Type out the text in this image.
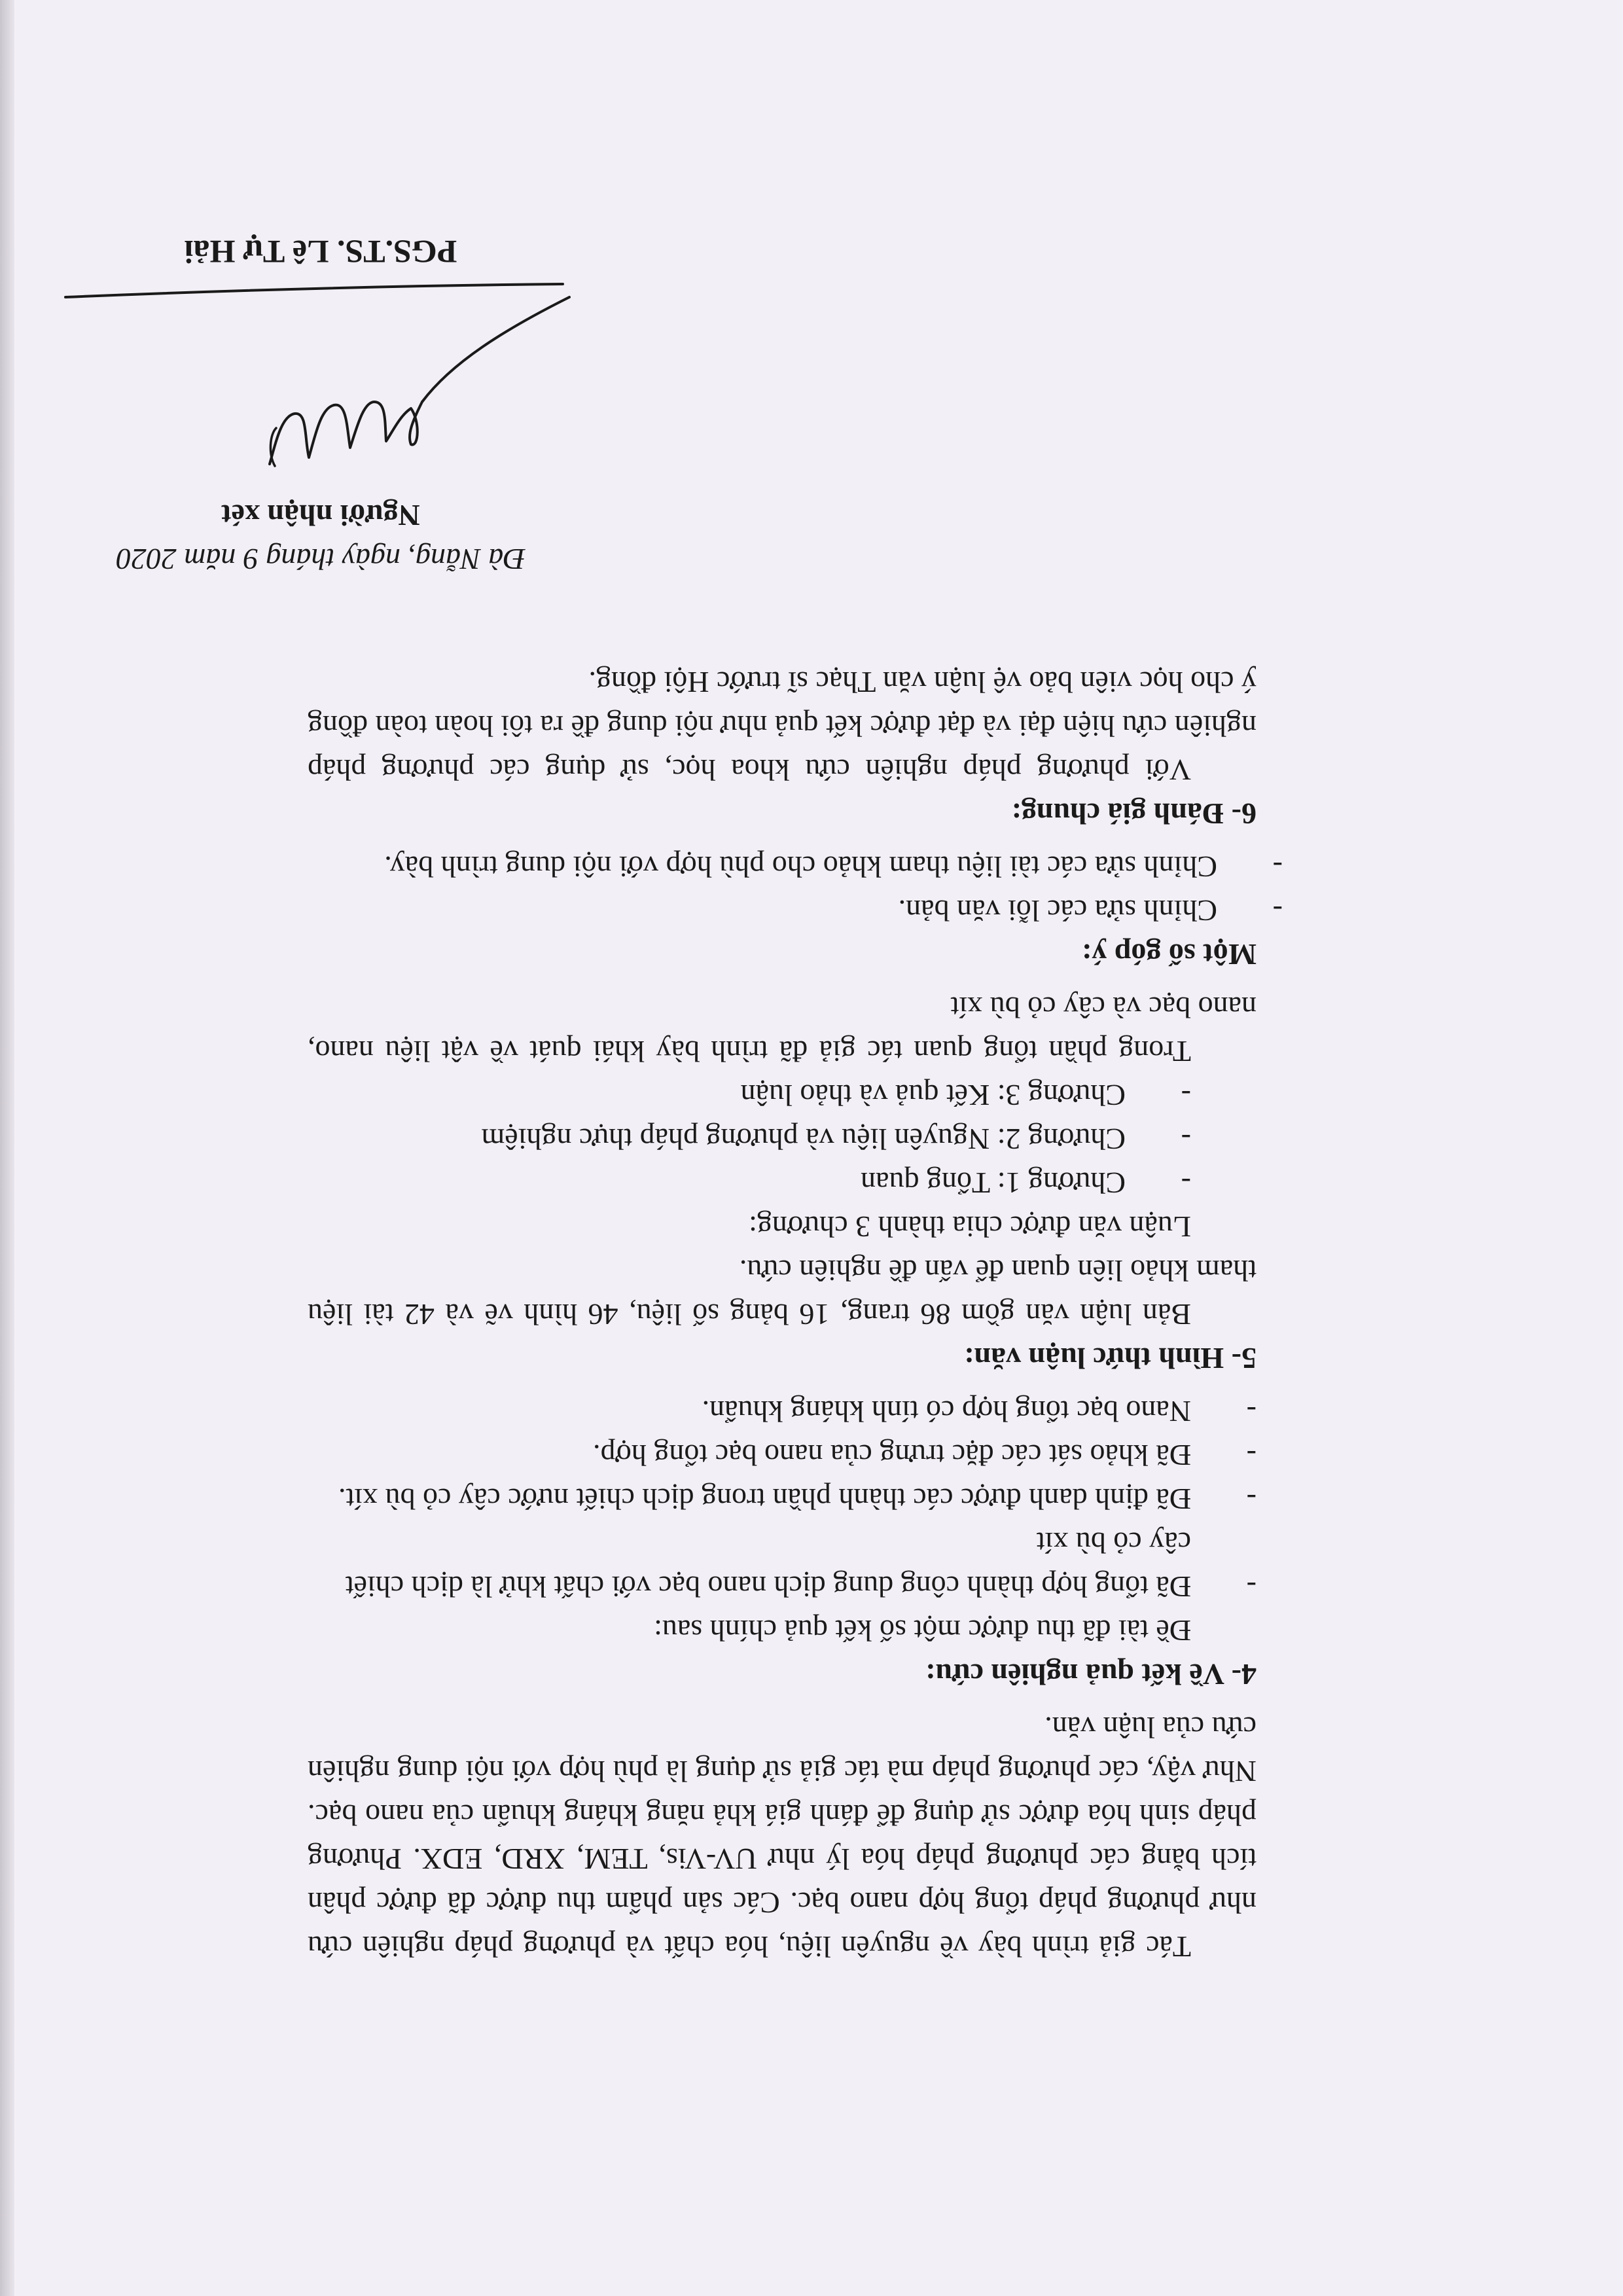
Tác giả trình bày về nguyên liệu, hóa chất và phương pháp nghiên cứu như phương pháp tổng hợp nano bạc. Các sản phẩm thu được đã được phân tích bằng các phương pháp hóa lý như UV-Vis, TEM, XRD, EDX. Phương pháp sinh hóa được sử dụng để đánh giá khả năng kháng khuẩn của nano bạc. Như vậy, các phương pháp mà tác giả sử dụng là phù hợp với nội dung nghiên cứu của luận văn.

4- Về kết quả nghiên cứu:

Đề tài đã thu được một số kết quả chính sau:

-
Đã tổng hợp thành công dung dịch nano bạc với chất khử là dịch chiết cây cỏ bù xít

-
Đã định danh được các thành phần trong dịch chiết nước cây cỏ bù xít.

-
Đã khảo sát các đặc trưng của nano bạc tổng hợp.

-
Nano bạc tổng hợp có tính kháng khuẩn.

5- Hình thức luận văn:

Bản luận văn gồm 86 trang, 16 bảng số liệu, 46 hình vẽ và 42 tài liệu tham khảo liên quan để vấn đề nghiên cứu.

Luận văn được chia thành 3 chương:

-
Chương 1: Tổng quan

-
Chương 2: Nguyên liệu và phương pháp thực nghiệm

-
Chương 3: Kết quả và thảo luận

Trong phần tổng quan tác giả đã trình bày khái quát về vật liệu nano, nano bạc và cây cỏ bù xít

Một số góp ý:

-
Chỉnh sửa các lỗi văn bản.

-
Chỉnh sửa các tài liệu tham khảo cho phù hợp với nội dung trình bày.

6- Đánh giá chung:

Với phương pháp nghiên cứu khoa học, sử dụng các phương pháp nghiên cứu hiện đại và đạt được kết quả như nội dung đề ra tôi hoàn toàn đồng ý cho học viên bảo vệ luận văn Thạc sĩ trước Hội đồng.

Đà Nẵng, ngày tháng 9 năm 2020
Người nhận xét
PGS.TS. Lê Tự Hải
